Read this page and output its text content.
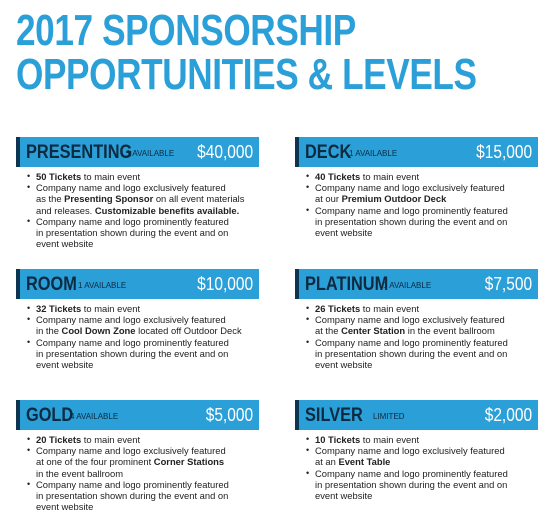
2017 SPONSORSHIP
OPPORTUNITIES & LEVELS
PRESENTING
1 AVAILABLE $40,000
• 50 Tickets to main event
• Company name and logo exclusively featured
as the Presenting Sponsor on all event materials
and releases. Customizable benefits available.
• Company name and logo prominently featured
in presentation shown during the event and on
event website
DECK
1 AVAILABLE	$15,000
• 40 Tickets to main event
• Company name and logo exclusively featured
at our Premium Outdoor Deck
• Company name and logo prominently featured
in presentation shown during the event and on
event website
ROOM 1 AVAILABLE	$10,000
• 32 Tickets to main event
• Company name and logo exclusively featured
in the Cool Down Zone located off Outdoor Deck
• Company name and logo prominently featured
in presentation shown during the event and on
event website
PLATINUM
1 AVAILABLE	$7,500
• 26 Tickets to main event
• Company name and logo exclusively featured
at the Center Station in the event ballroom
• Company name and logo prominently featured
in presentation shown during the event and on
event website
GOLD
4 AVAILABLE	$5,000
• 20 Tickets to main event
• Company name and logo exclusively featured
at one of the four prominent Corner Stations
in the event ballroom
• Company name and logo prominently featured
in presentation shown during the event and on
event website
SILVER LIMITED	$2,000
• 10 Tickets to main event
• Company name and logo exclusively featured
at an Event Table
• Company name and logo prominently featured
in presentation shown during the event and on
event website
